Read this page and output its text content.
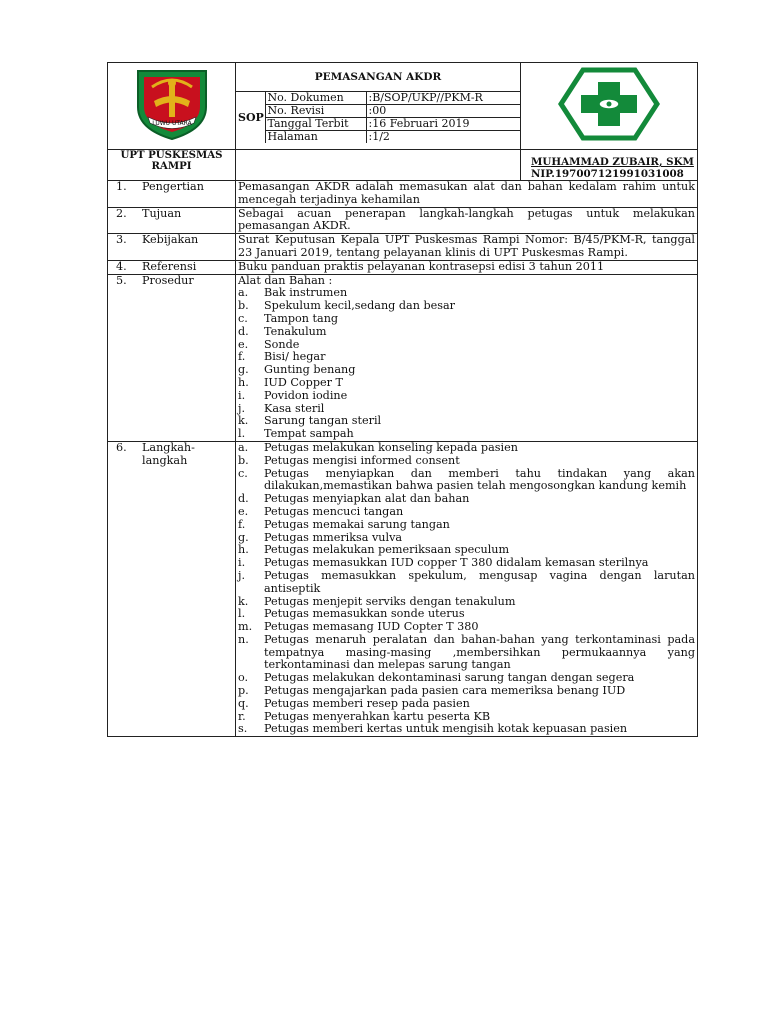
LUWU UTARA

PEMASANGAN AKDR
SOP	No. Dokumen	:B/SOP/UKP//PKM-R
No. Revisi	:00
Tanggal Terbit	:16 Februari 2019
Halaman	:1/2

UPT PUSKESMAS RAMPI		MUHAMMAD ZUBAIR, SKM
NIP.197007121991031008

1.	Pengertian	Pemasangan AKDR adalah memasukan alat dan bahan kedalam rahim untuk mencegah terjadinya kehamilan

2.	Tujuan	Sebagai acuan penerapan langkah-langkah petugas untuk melakukan pemasangan AKDR.

3.	Kebijakan	Surat Keputusan Kepala UPT Puskesmas Rampi Nomor: B/45/PKM-R, tanggal 23 Januari 2019, tentang pelayanan klinis di UPT Puskesmas Rampi.

4.	Referensi	Buku panduan praktis pelayanan kontrasepsi edisi 3 tahun 2011

5.	Prosedur	Alat dan Bahan :
a.	Bak instrumen
b.	Spekulum kecil,sedang dan besar
c.	Tampon tang
d.	Tenakulum
e.	Sonde
f.	Bisi/ hegar
g.	Gunting benang
h.	IUD Copper T
i.	Povidon iodine
j.	Kasa steril
k.	Sarung tangan steril
l.	Tempat sampah

6.	Langkah-langkah

a.	Petugas melakukan konseling kepada pasien
b.	Petugas mengisi informed consent
c.	Petugas menyiapkan dan memberi tahu tindakan yang akan dilakukan,memastikan bahwa pasien telah mengosongkan kandung kemih
d.	Petugas menyiapkan alat dan bahan
e.	Petugas mencuci tangan
f.	Petugas memakai sarung tangan
g.	Petugas mmeriksa vulva
h.	Petugas melakukan pemeriksaan speculum
i.	Petugas memasukkan IUD copper T 380 didalam kemasan sterilnya
j.	Petugas memasukkan spekulum, mengusap vagina dengan larutan antiseptik
k.	Petugas menjepit serviks dengan tenakulum
l.	Petugas memasukkan sonde uterus
m.	Petugas memasang IUD Copter T 380
n.	Petugas menaruh peralatan dan bahan-bahan yang terkontaminasi pada tempatnya masing-masing ,membersihkan permukaannya yang terkontaminasi dan melepas sarung tangan
o.	Petugas melakukan dekontaminasi sarung tangan dengan segera
p.	Petugas mengajarkan pada pasien cara memeriksa benang IUD
q.	Petugas memberi resep pada pasien
r.	Petugas menyerahkan kartu peserta KB
s.	Petugas memberi kertas untuk mengisih kotak kepuasan pasien
